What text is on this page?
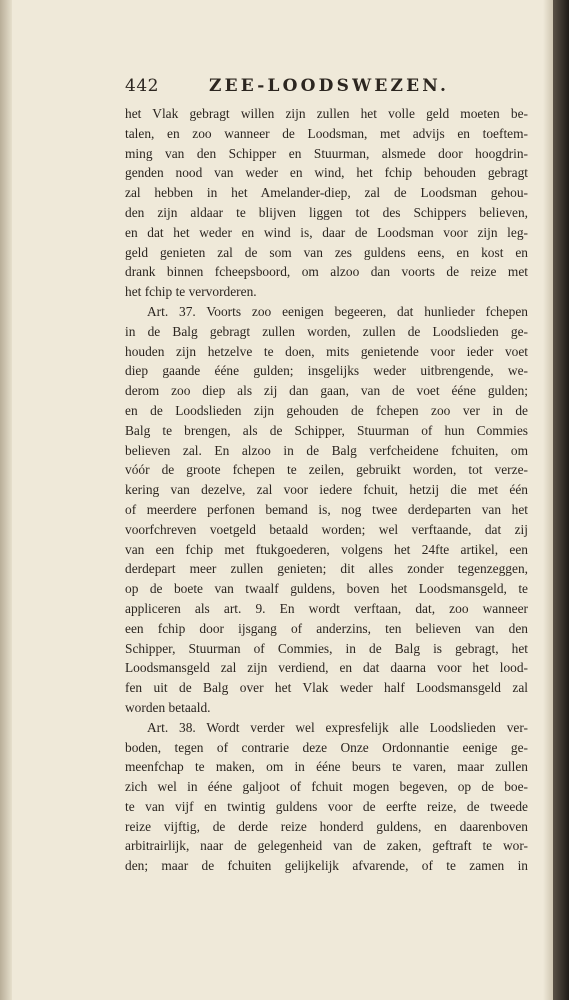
442	ZEE-LOODSWEZEN.
het Vlak gebragt willen zijn zullen het volle geld moeten be-
talen, en zoo wanneer de Loodsman, met advijs en toeftem-
ming van den Schipper en Stuurman, alsmede door hoogdrin-
genden nood van weder en wind, het fchip behouden gebragt
zal hebben in het Amelander-diep, zal de Loodsman gehou-
den zijn aldaar te blijven liggen tot des Schippers believen,
en dat het weder en wind is, daar de Loodsman voor zijn leg-
geld genieten zal de som van zes guldens eens, en kost en
drank binnen fcheepsboord, om alzoo dan voorts de reize met
het fchip te vervorderen.
Art. 37. Voorts zoo eenigen begeeren, dat hunlieder fchepen
in de Balg gebragt zullen worden, zullen de Loodslieden ge-
houden zijn hetzelve te doen, mits genietende voor ieder voet
diep gaande ééne gulden; insgelijks weder uitbrengende, we-
derom zoo diep als zij dan gaan, van de voet ééne gulden;
en de Loodslieden zijn gehouden de fchepen zoo ver in de
Balg te brengen, als de Schipper, Stuurman of hun Commies
believen zal. En alzoo in de Balg verfcheidene fchuiten, om
vóór de groote fchepen te zeilen, gebruikt worden, tot verze-
kering van dezelve, zal voor iedere fchuit, hetzij die met één
of meerdere perfonen bemand is, nog twee derdeparten van het
voorfchreven voetgeld betaald worden; wel verftaande, dat zij
van een fchip met ftukgoederen, volgens het 24fte artikel, een
derdepart meer zullen genieten; dit alles zonder tegenzeggen,
op de boete van twaalf guldens, boven het Loodsmansgeld, te
appliceren als art. 9. En wordt verftaan, dat, zoo wanneer
een fchip door ijsgang of anderzins, ten believen van den
Schipper, Stuurman of Commies, in de Balg is gebragt, het
Loodsmansgeld zal zijn verdiend, en dat daarna voor het lood-
fen uit de Balg over het Vlak weder half Loodsmansgeld zal
worden betaald.
Art. 38. Wordt verder wel expresfelijk alle Loodslieden ver-
boden, tegen of contrarie deze Onze Ordonnantie eenige ge-
meenfchap te maken, om in ééne beurs te varen, maar zullen
zich wel in ééne galjoot of fchuit mogen begeven, op de boe-
te van vijf en twintig guldens voor de eerfte reize, de tweede
reize vijftig, de derde reize honderd guldens, en daarenboven
arbitrairlijk, naar de gelegenheid van de zaken, geftraft te wor-
den; maar de fchuiten gelijkelijk afvarende, of te zamen in
